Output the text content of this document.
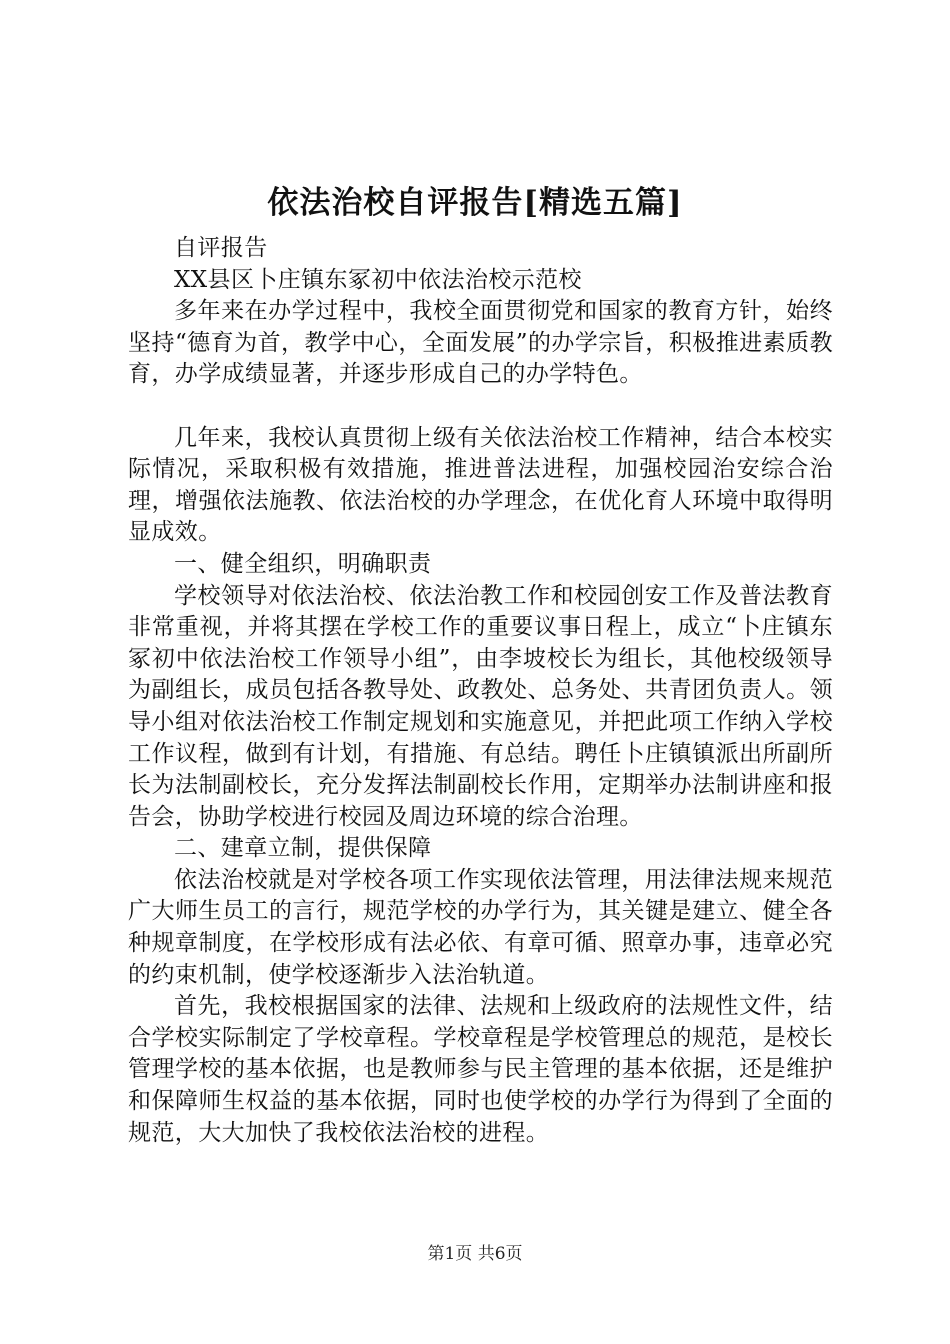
依法治校自评报告[精选五篇]

自评报告

XX县区卜庄镇东冢初中依法治校示范校

多年来在办学过程中，我校全面贯彻党和国家的教育方针，始终坚持“德育为首，教学中心，全面发展”的办学宗旨，积极推进素质教育，办学成绩显著，并逐步形成自己的办学特色。

几年来，我校认真贯彻上级有关依法治校工作精神，结合本校实际情况，采取积极有效措施，推进普法进程，加强校园治安综合治理，增强依法施教、依法治校的办学理念，在优化育人环境中取得明显成效。

一、健全组织，明确职责

学校领导对依法治校、依法治教工作和校园创安工作及普法教育非常重视，并将其摆在学校工作的重要议事日程上，成立“卜庄镇东冢初中依法治校工作领导小组”，由李坡校长为组长，其他校级领导为副组长，成员包括各教导处、政教处、总务处、共青团负责人。领导小组对依法治校工作制定规划和实施意见，并把此项工作纳入学校工作议程，做到有计划，有措施、有总结。聘任卜庄镇镇派出所副所长为法制副校长，充分发挥法制副校长作用，定期举办法制讲座和报告会，协助学校进行校园及周边环境的综合治理。

二、建章立制，提供保障

依法治校就是对学校各项工作实现依法管理，用法律法规来规范广大师生员工的言行，规范学校的办学行为，其关键是建立、健全各种规章制度，在学校形成有法必依、有章可循、照章办事，违章必究的约束机制，使学校逐渐步入法治轨道。

首先，我校根据国家的法律、法规和上级政府的法规性文件，结合学校实际制定了学校章程。学校章程是学校管理总的规范，是校长管理学校的基本依据，也是教师参与民主管理的基本依据，还是维护和保障师生权益的基本依据，同时也使学校的办学行为得到了全面的规范，大大加快了我校依法治校的进程。

第1页 共6页
